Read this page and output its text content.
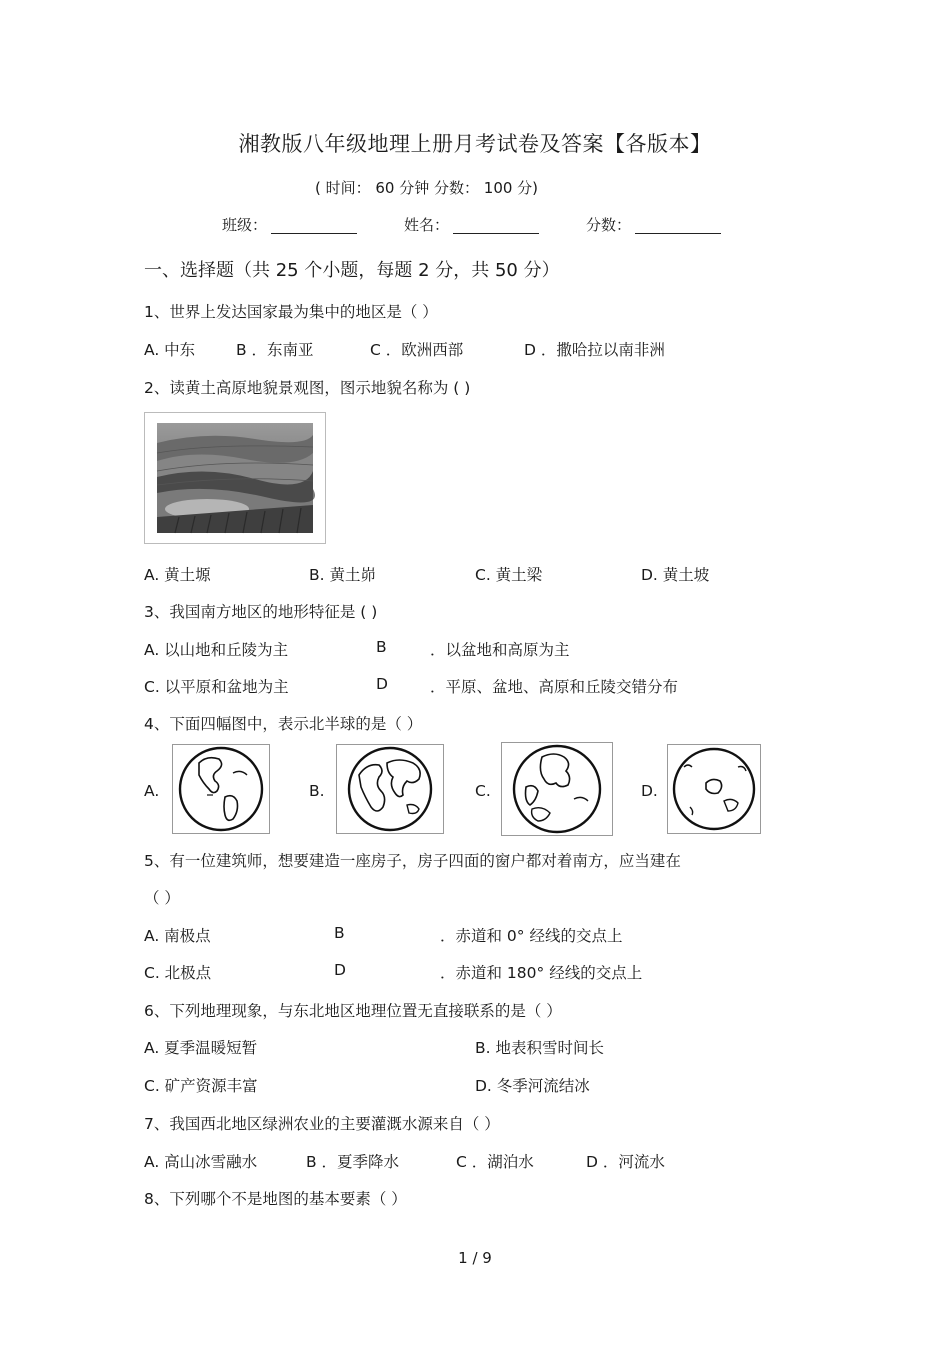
湘教版八年级地理上册月考试卷及答案【各版本】
( 时间： 60 分钟 分数： 100 分)
班级：	姓名：	分数：
一、选择题（共 25 个小题，每题 2 分，共 50 分）
1、世界上发达国家最为集中的地区是（ ）
A. 中东	B ．东南亚	C ．欧洲西部	D ．撒哈拉以南非洲
2、读黄土高原地貌景观图，图示地貌名称为 ( )
A. 黄土塬	B. 黄土峁	C. 黄土梁	D. 黄土坡
3、我国南方地区的地形特征是 ( )
A. 以山地和丘陵为主	B	．以盆地和高原为主
C. 以平原和盆地为主	D	．平原、盆地、高原和丘陵交错分布
4、下面四幅图中，表示北半球的是（ ）
A.	B.	C.	D.
5、有一位建筑师，想要建造一座房子，房子四面的窗户都对着南方，应当建在
（ ）
A. 南极点	B	．赤道和 0° 经线的交点上
C. 北极点	D	．赤道和 180° 经线的交点上
6、下列地理现象，与东北地区地理位置无直接联系的是（ ）
A. 夏季温暖短暂	B. 地表积雪时间长
C. 矿产资源丰富	D. 冬季河流结冰
7、我国西北地区绿洲农业的主要灌溉水源来自（ ）
A. 高山冰雪融水	B ．夏季降水	C ．湖泊水	D ．河流水
8、下列哪个不是地图的基本要素（ ）
1 / 9
